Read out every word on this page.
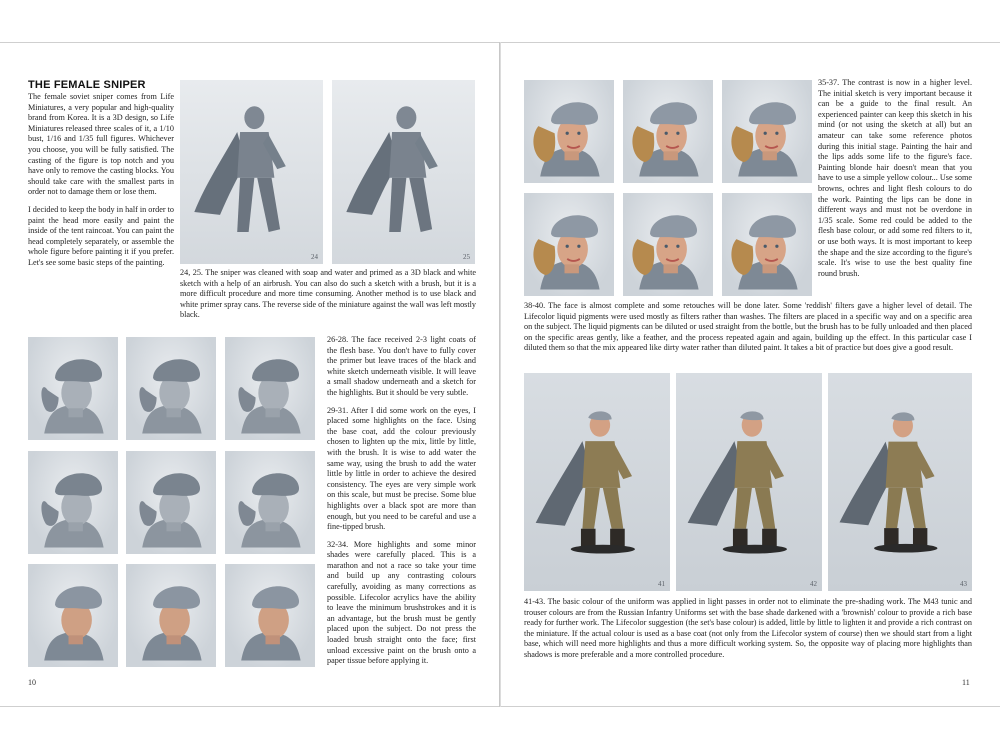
THE FEMALE SNIPER

The female soviet sniper comes from Life Miniatures, a very popular and high-quality brand from Korea. It is a 3D design, so Life Miniatures released three scales of it, a 1/10 bust, 1/16 and 1/35 full figures. Whichever you choose, you will be fully satisfied. The casting of the figure is top notch and you have only to remove the casting blocks. You should take care with the smallest parts in order not to damage them or lose them.

I decided to keep the body in half in order to paint the head more easily and paint the inside of the tent raincoat. You can paint the head completely separately, or assemble the whole figure before painting it if you prefer. Let's see some basic steps of the painting.

24	25
24, 25. The sniper was cleaned with soap and water and primed as a 3D black and white sketch with a help of an airbrush. You can also do such a sketch with a brush, but it is a more difficult procedure and more time consuming. Another method is to use black and white primer spray cans. The reverse side of the miniature against the wall was left mostly black.

26-28. The face received 2-3 light coats of the flesh base. You don't have to fully cover the primer but leave traces of the black and white sketch underneath visible. It will leave a small shadow underneath and a sketch for the highlights. But it should be very subtle.

29-31. After I did some work on the eyes, I placed some highlights on the face. Using the base coat, add the colour previously chosen to lighten up the mix, little by little, with the brush. It is wise to add water the same way, using the brush to add the water little by little in order to achieve the desired consistency. The eyes are very simple work on this scale, but must be precise. Some blue highlights over a black spot are more than enough, but you need to be careful and use a fine-tipped brush.

32-34. More highlights and some minor shades were carefully placed. This is a marathon and not a race so take your time and build up any contrasting colours carefully, avoiding as many corrections as possible. Lifecolor acrylics have the ability to leave the minimum brushstrokes and it is an advantage, but the brush must be gently placed upon the subject. Do not press the loaded brush straight onto the face; first unload excessive paint on the brush onto a paper tissue before applying it.

10
35-37. The contrast is now in a higher level. The initial sketch is very important because it can be a guide to the final result. An experienced painter can keep this sketch in his mind (or not using the sketch at all) but an amateur can take some reference photos during this initial stage. Painting the hair and the lips adds some life to the figure's face. Painting blonde hair doesn't mean that you have to use a simple yellow colour... Use some browns, ochres and light flesh colours to do the work. Painting the lips can be done in different ways and must not be overdone in 1/35 scale. Some red could be added to the flesh base colour, or add some red filters to it, or use both ways. It is most important to keep the shape and the size according to the figure's scale. It's wise to use the best quality fine round brush.
38-40. The face is almost complete and some retouches will be done later. Some 'reddish' filters gave a higher level of detail. The Lifecolor liquid pigments were used mostly as filters rather than washes. The filters are placed in a specific way and on a specific area on the subject. The liquid pigments can be diluted or used straight from the bottle, but the brush has to be fully unloaded and then placed on the specific areas gently, like a feather, and the process repeated again and again, building up the effect. In this particular case I diluted them so that the mix appeared like dirty water rather than diluted paint. It takes a bit of practice but does give a good result.
41	42	43
41-43. The basic colour of the uniform was applied in light passes in order not to eliminate the pre-shading work. The M43 tunic and trouser colours are from the Russian Infantry Uniforms set with the base shade darkened with a 'brownish' colour to provide a rich base ready for further work. The Lifecolor suggestion (the set's base colour) is added, little by little to lighten it and provide a rich contrast on the miniature. If the actual colour is used as a base coat (not only from the Lifecolor system of course) then we should start from a light base, which will need more highlights and thus a more difficult working system. So, the opposite way of placing more highlights than shadows is more preferable and a more controlled procedure.
11
